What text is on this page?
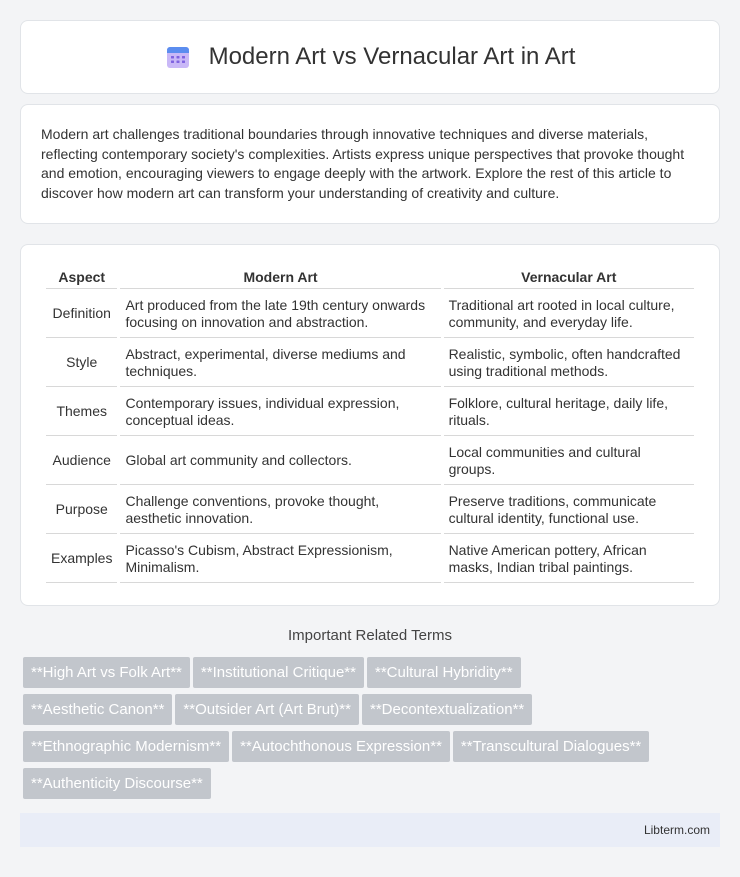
Modern Art vs Vernacular Art in Art

Modern art challenges traditional boundaries through innovative techniques and diverse materials, reflecting contemporary society's complexities. Artists express unique perspectives that provoke thought and emotion, encouraging viewers to engage deeply with the artwork. Explore the rest of this article to discover how modern art can transform your understanding of creativity and culture.

Aspect	Modern Art	Vernacular Art
Definition	Art produced from the late 19th century onwards focusing on innovation and abstraction.	Traditional art rooted in local culture, community, and everyday life.
Style	Abstract, experimental, diverse mediums and techniques.	Realistic, symbolic, often handcrafted using traditional methods.
Themes	Contemporary issues, individual expression, conceptual ideas.	Folklore, cultural heritage, daily life, rituals.
Audience	Global art community and collectors.	Local communities and cultural groups.
Purpose	Challenge conventions, provoke thought, aesthetic innovation.	Preserve traditions, communicate cultural identity, functional use.
Examples	Picasso's Cubism, Abstract Expressionism, Minimalism.	Native American pottery, African masks, Indian tribal paintings.
Important Related Terms
**High Art vs Folk Art** **Institutional Critique** **Cultural Hybridity**
**Aesthetic Canon** **Outsider Art (Art Brut)** **Decontextualization**
**Ethnographic Modernism** **Autochthonous Expression** **Transcultural Dialogues**
**Authenticity Discourse**
Libterm.com
